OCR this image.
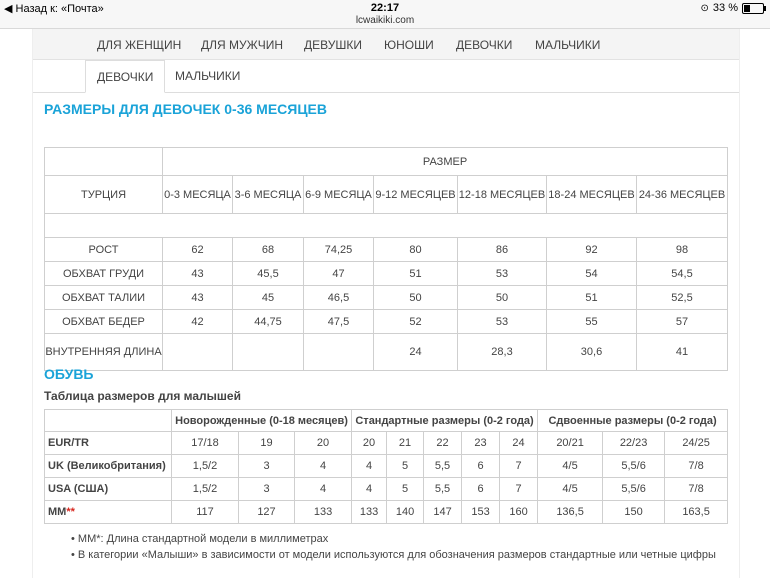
◀ Назад к: «Почта»	22:17
lcwaikiki.com
⊙ 33 %
ДЛЯ ЖЕНЩИН ДЛЯ МУЖЧИН ДЕВУШКИ ЮНОШИ ДЕВОЧКИ МАЛЬЧИКИ
ДЕВОЧКИ	МАЛЬЧИКИ
РАЗМЕРЫ ДЛЯ ДЕВОЧЕК 0-36 МЕСЯЦЕВ
	РАЗМЕР						
ТУРЦИЯ	0-3 МЕСЯЦА	3-6 МЕСЯЦА	6-9 МЕСЯЦА	9-12 МЕСЯЦЕВ	12-18 МЕСЯЦЕВ	18-24 МЕСЯЦЕВ	24-36 МЕСЯЦЕВ

РОСТ	62	68	74,25	80	86	92	98
ОБХВАТ ГРУДИ	43	45,5	47	51	53	54	54,5
ОБХВАТ ТАЛИИ	43	45	46,5	50	50	51	52,5
ОБХВАТ БЕДЕР	42	44,75	47,5	52	53	55	57
ВНУТРЕННЯЯ ДЛИНА				24	28,3	30,6	41
ОБУВЬ
Таблица размеров для малышей
	Новорожденные (0-18 месяцев)			Стандартные размеры (0-2 года)					Сдвоенные размеры (0-2 года)		
EUR/TR	17/18	19	20	20	21	22	23	24	20/21	22/23	24/25
UK (Великобритания)	1,5/2	3	4	4	5	5,5	6	7	4/5	5,5/6	7/8
USA (США)	1,5/2	3	4	4	5	5,5	6	7	4/5	5,5/6	7/8
MM**	117	127	133	133	140	147	153	160	136,5	150	163,5
• MM*: Длина стандартной модели в миллиметрах
• В категории «Малыши» в зависимости от модели используются для обозначения размеров стандартные или четные цифры
